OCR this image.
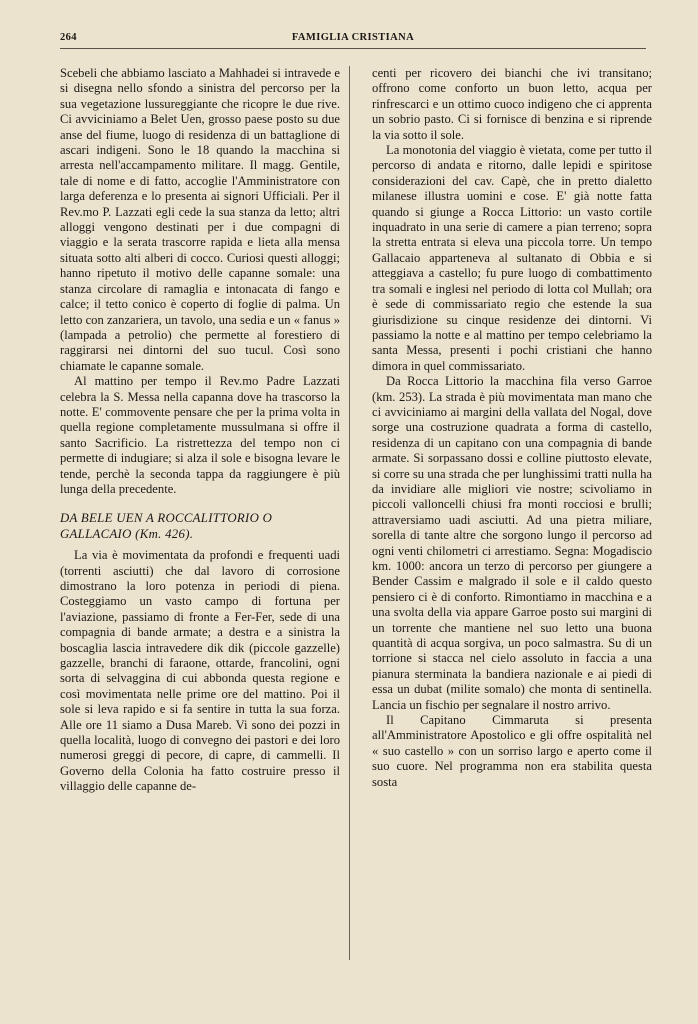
264	FAMIGLIA CRISTIANA

Scebeli che abbiamo lasciato a Mahhadei si intravede e si disegna nello sfondo a sinistra del percorso per la sua vegetazione lussureggiante che ricopre le due rive. Ci avviciniamo a Belet Uen, grosso paese posto su due anse del fiume, luogo di residenza di un battaglione di ascari indigeni. Sono le 18 quando la macchina si arresta nell'accampamento militare. Il magg. Gentile, tale di nome e di fatto, accoglie l'Amministratore con larga deferenza e lo presenta ai signori Ufficiali. Per il Rev.mo P. Lazzati egli cede la sua stanza da letto; altri alloggi vengono destinati per i due compagni di viaggio e la serata trascorre rapida e lieta alla mensa situata sotto alti alberi di cocco. Curiosi questi alloggi; hanno ripetuto il motivo delle capanne somale: una stanza circolare di ramaglia e intonacata di fango e calce; il tetto conico è coperto di foglie di palma. Un letto con zanzariera, un tavolo, una sedia e un « fanus » (lampada a petrolio) che permette al forestiero di raggirarsi nei dintorni del suo tucul. Così sono chiamate le capanne somale.

Al mattino per tempo il Rev.mo Padre Lazzati celebra la S. Messa nella capanna dove ha trascorso la notte. E' commovente pensare che per la prima volta in quella regione completamente mussulmana si offre il santo Sacrificio. La ristrettezza del tempo non ci permette di indugiare; si alza il sole e bisogna levare le tende, perchè la seconda tappa da raggiungere è più lunga della precedente.

DA BELE UEN A ROCCALITTORIO O GALLACAIO (Km. 426).

La via è movimentata da profondi e frequenti uadi (torrenti asciutti) che dal lavoro di corrosione dimostrano la loro potenza in periodi di piena. Costeggiamo un vasto campo di fortuna per l'aviazione, passiamo di fronte a Fer-Fer, sede di una compagnia di bande armate; a destra e a sinistra la boscaglia lascia intravedere dik dik (piccole gazzelle) gazzelle, branchi di faraone, ottarde, francolini, ogni sorta di selvaggina di cui abbonda questa regione e così movimentata nelle prime ore del mattino. Poi il sole si leva rapido e si fa sentire in tutta la sua forza. Alle ore 11 siamo a Dusa Mareb. Vi sono dei pozzi in quella località, luogo di convegno dei pastori e dei loro numerosi greggi di pecore, di capre, di cammelli. Il Governo della Colonia ha fatto costruire presso il villaggio delle capanne de-

centi per ricovero dei bianchi che ivi transitano; offrono come conforto un buon letto, acqua per rinfrescarci e un ottimo cuoco indigeno che ci apprenta un sobrio pasto. Ci si fornisce di benzina e si riprende la via sotto il sole.

La monotonia del viaggio è vietata, come per tutto il percorso di andata e ritorno, dalle lepidi e spiritose considerazioni del cav. Capè, che in pretto dialetto milanese illustra uomini e cose. E' già notte fatta quando si giunge a Rocca Littorio: un vasto cortile inquadrato in una serie di camere a pian terreno; sopra la stretta entrata si eleva una piccola torre. Un tempo Gallacaio apparteneva al sultanato di Obbia e si atteggiava a castello; fu pure luogo di combattimento tra somali e inglesi nel periodo di lotta col Mullah; ora è sede di commissariato regio che estende la sua giurisdizione su cinque residenze dei dintorni. Vi passiamo la notte e al mattino per tempo celebriamo la santa Messa, presenti i pochi cristiani che hanno dimora in quel commissariato.

Da Rocca Littorio la macchina fila verso Garroe (km. 253). La strada è più movimentata man mano che ci avviciniamo ai margini della vallata del Nogal, dove sorge una costruzione quadrata a forma di castello, residenza di un capitano con una compagnia di bande armate. Si sorpassano dossi e colline piuttosto elevate, si corre su una strada che per lunghissimi tratti nulla ha da invidiare alle migliori vie nostre; scivoliamo in piccoli valloncelli chiusi fra monti rocciosi e brulli; attraversiamo uadi asciutti. Ad una pietra miliare, sorella di tante altre che sorgono lungo il percorso ad ogni venti chilometri ci arrestiamo. Segna: Mogadiscio km. 1000: ancora un terzo di percorso per giungere a Bender Cassim e malgrado il sole e il caldo questo pensiero ci è di conforto. Rimontiamo in macchina e a una svolta della via appare Garroe posto sui margini di un torrente che mantiene nel suo letto una buona quantità di acqua sorgiva, un poco salmastra. Su di un torrione si stacca nel cielo assoluto in faccia a una pianura sterminata la bandiera nazionale e ai piedi di essa un dubat (milite somalo) che monta di sentinella. Lancia un fischio per segnalare il nostro arrivo.

Il Capitano Cimmaruta si presenta all'Amministratore Apostolico e gli offre ospitalità nel « suo castello » con un sorriso largo e aperto come il suo cuore. Nel programma non era stabilita questa sosta
